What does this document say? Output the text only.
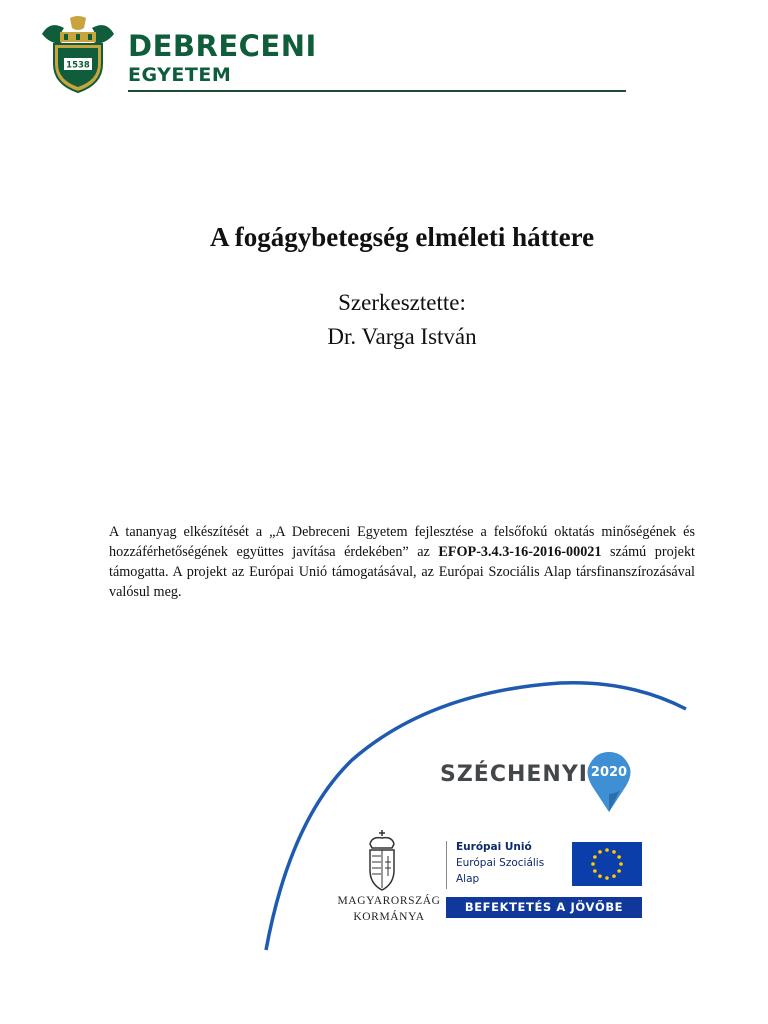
1538
DEBRECENI
EGYETEM
A fogágybetegség elméleti háttere
Szerkesztette:
Dr. Varga István

A tananyag elkészítését a „A Debreceni Egyetem fejlesztése a felsőfokú oktatás minőségének és hozzáférhetőségének együttes javítása érdekében” az EFOP-3.4.3-16-2016-00021 számú projekt támogatta. A projekt az Európai Unió támogatásával, az Európai Szociális Alap társfinanszírozásával valósul meg.

SZÉCHENYI 2020
MAGYARORSZÁG
KORMÁNYA
Európai Unió
Európai Szociális
Alap
BEFEKTETÉS A JÖVŐBE
